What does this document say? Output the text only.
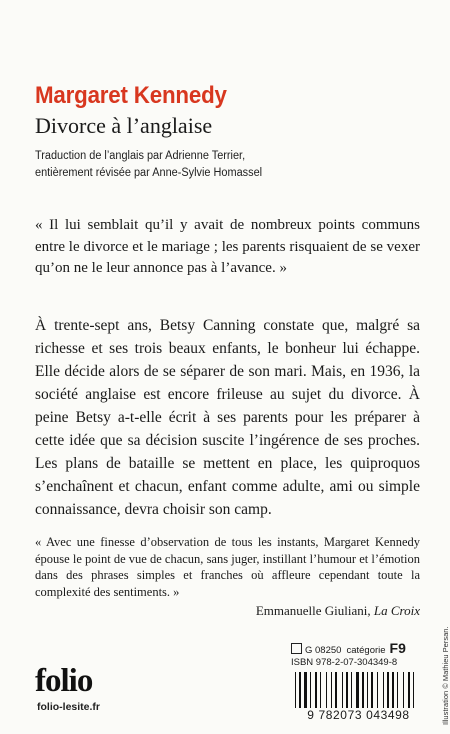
Margaret Kennedy
Divorce à l’anglaise
Traduction de l’anglais par Adrienne Terrier,
entièrement révisée par Anne-Sylvie Homassel

« Il lui semblait qu’il y avait de nombreux points communs entre le divorce et le mariage ; les parents risquaient de se vexer qu’on ne le leur annonce pas à l’avance. »

À trente-sept ans, Betsy Canning constate que, malgré sa richesse et ses trois beaux enfants, le bonheur lui échappe. Elle décide alors de se séparer de son mari. Mais, en 1936, la société anglaise est encore frileuse au sujet du divorce. À peine Betsy a-t-elle écrit à ses parents pour les préparer à cette idée que sa décision suscite l’ingérence de ses proches. Les plans de bataille se mettent en place, les quiproquos s’enchaînent et chacun, enfant comme adulte, ami ou simple connaissance, devra choisir son camp.

« Avec une finesse d’observation de tous les instants, Margaret Kennedy épouse le point de vue de chacun, sans juger, instillant l’humour et l’émotion dans des phrases simples et franches où affleure cependant toute la complexité des sentiments. »

Emmanuelle Giuliani, La Croix

folio
folio-lesite.fr
G 08250 catégorie F9
ISBN 978-2-07-304349-8
9 782073 043498	Illustration © Mathieu Persan.
